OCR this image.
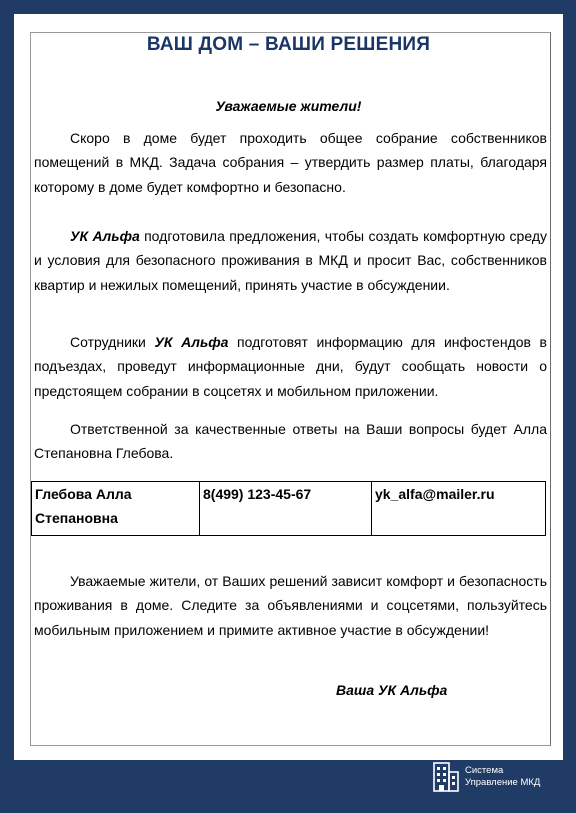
ВАШ ДОМ – ВАШИ РЕШЕНИЯ
Уважаемые жители!
Скоро в доме будет проходить общее собрание собственников помещений в МКД. Задача собрания – утвердить размер платы, благодаря которому в доме будет комфортно и безопасно.
УК Альфа подготовила предложения, чтобы создать комфортную среду и условия для безопасного проживания в МКД и просит Вас, собственников квартир и нежилых помещений, принять участие в обсуждении.
Сотрудники УК Альфа подготовят информацию для инфостендов в подъездах, проведут информационные дни, будут сообщать новости о предстоящем собрании в соцсетях и мобильном приложении.
Ответственной за качественные ответы на Ваши вопросы будет Алла Степановна Глебова.
Глебова Алла Степановна
8(499) 123-45-67	yk_alfa@mailer.ru
Уважаемые жители, от Ваших решений зависит комфорт и безопасность проживания в доме. Следите за объявлениями и соцсетями, пользуйтесь мобильным приложением и примите активное участие в обсуждении!
Ваша УК Альфа
Система
Управление МКД
